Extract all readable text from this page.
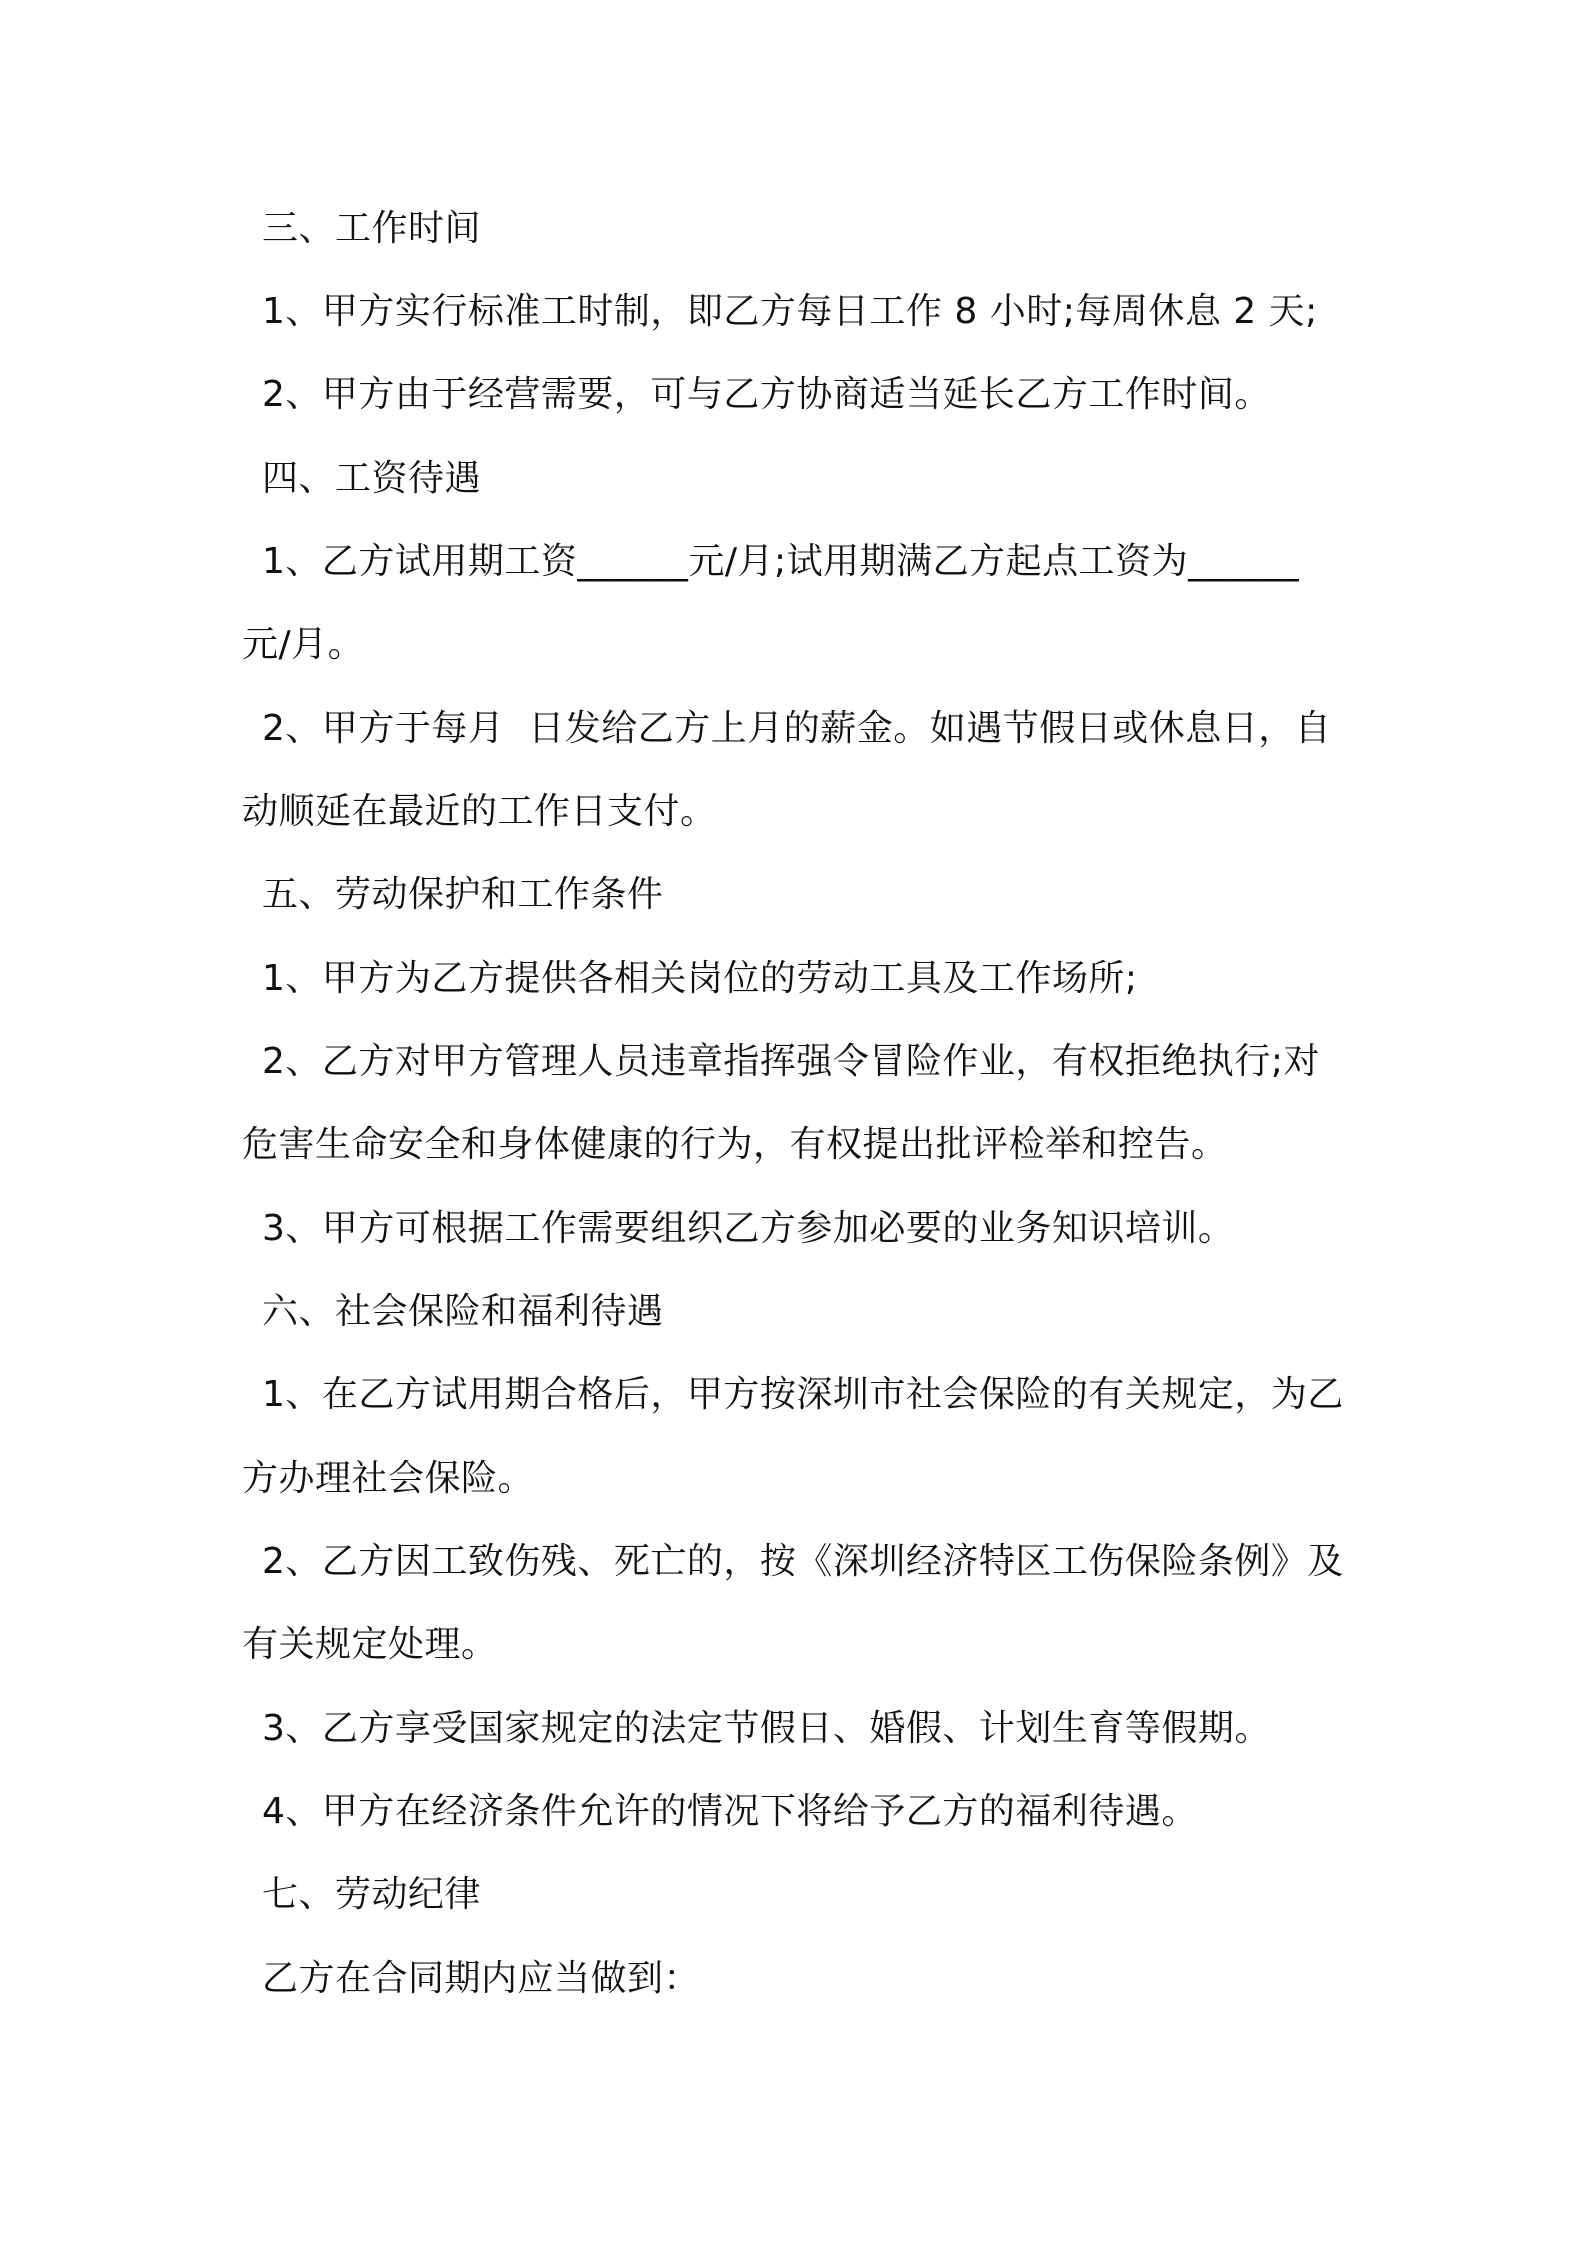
三、工作时间
1、甲方实行标准工时制，即乙方每日工作 8 小时;每周休息 2 天;
2、甲方由于经营需要，可与乙方协商适当延长乙方工作时间。
四、工资待遇
1、乙方试用期工资______元/月;试用期满乙方起点工资为______
元/月。
2、甲方于每月  日发给乙方上月的薪金。如遇节假日或休息日，自
动顺延在最近的工作日支付。
五、劳动保护和工作条件
1、甲方为乙方提供各相关岗位的劳动工具及工作场所;
2、乙方对甲方管理人员违章指挥强令冒险作业，有权拒绝执行;对
危害生命安全和身体健康的行为，有权提出批评检举和控告。
3、甲方可根据工作需要组织乙方参加必要的业务知识培训。
六、社会保险和福利待遇
1、在乙方试用期合格后，甲方按深圳市社会保险的有关规定，为乙
方办理社会保险。
2、乙方因工致伤残、死亡的，按《深圳经济特区工伤保险条例》及
有关规定处理。
3、乙方享受国家规定的法定节假日、婚假、计划生育等假期。
4、甲方在经济条件允许的情况下将给予乙方的福利待遇。
七、劳动纪律
乙方在合同期内应当做到：
